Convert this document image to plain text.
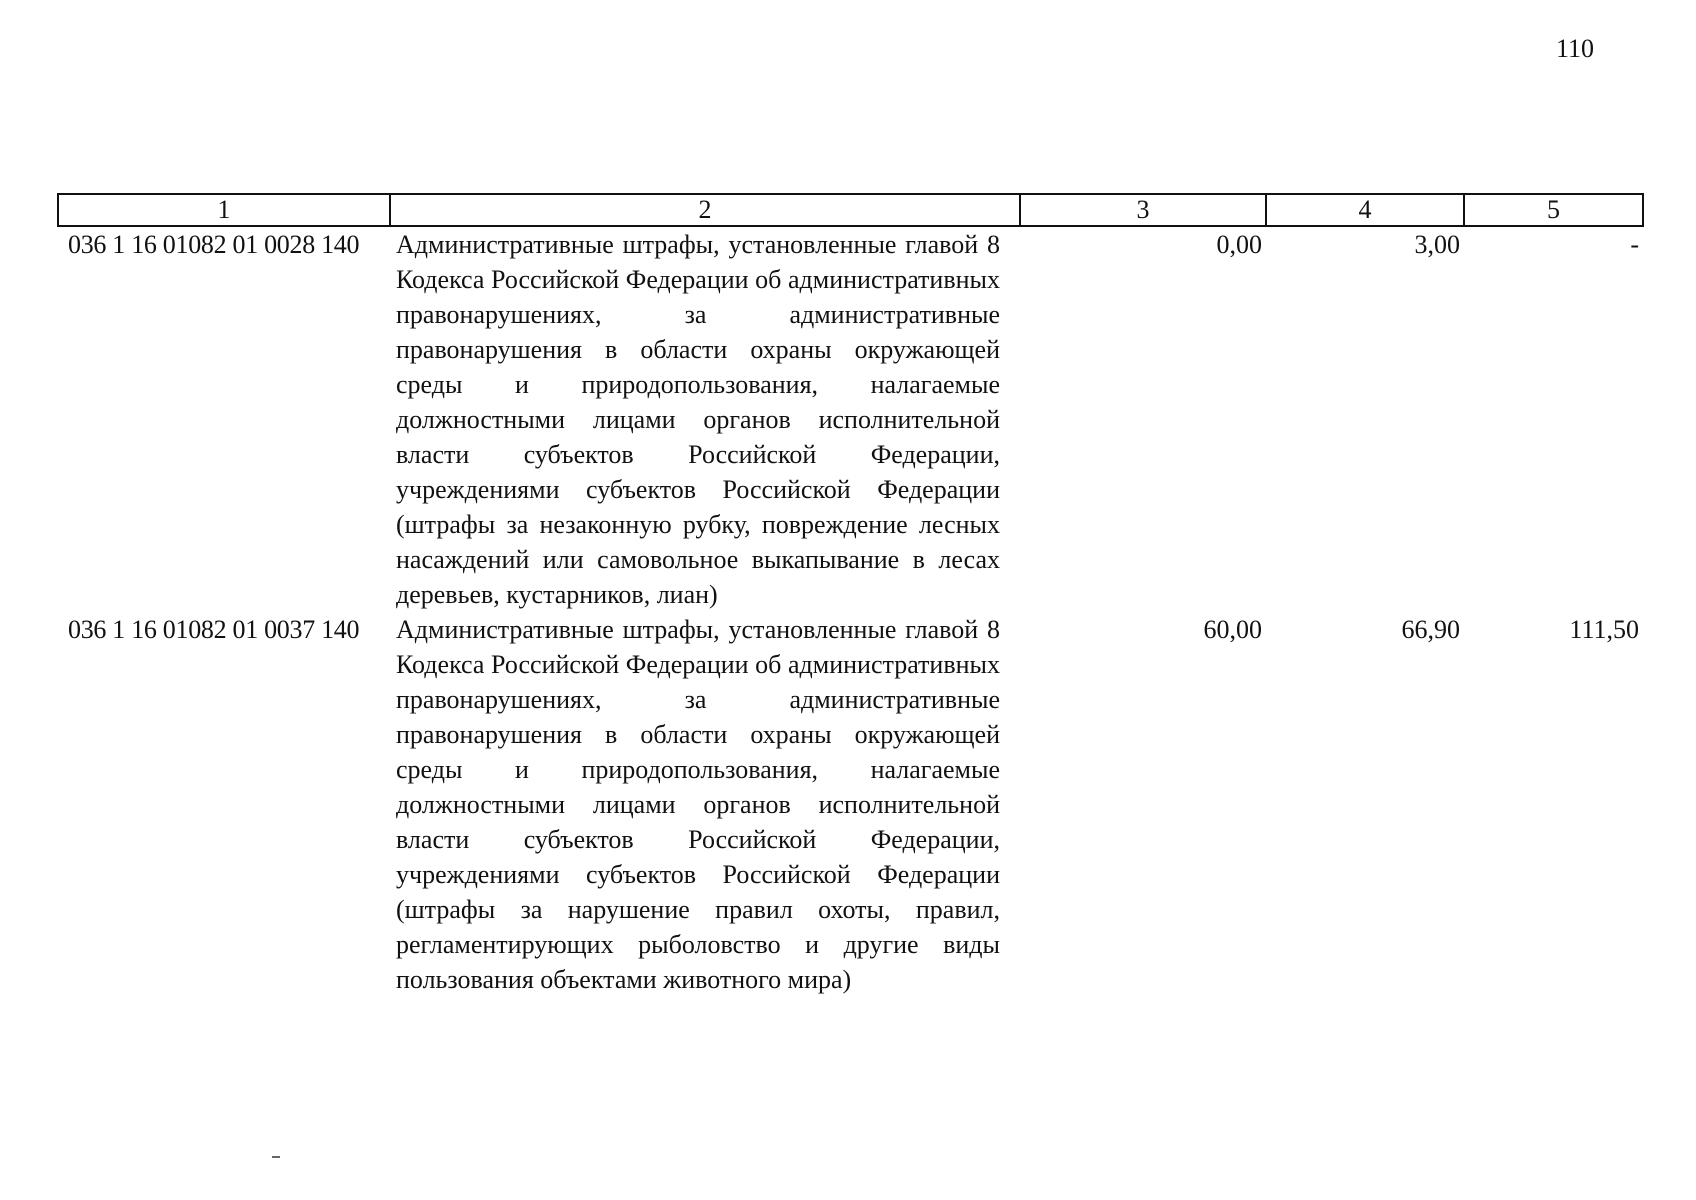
110
1	2	3	4	5
036 1 16 01082 01 0028 140	Административные штрафы, установленные главой 8 Кодекса Российской Федерации об административных правонарушениях, за административные правонарушения в области охраны окружающей среды и природопользования, налагаемые должностными лицами органов исполнительной власти субъектов Российской Федерации, учреждениями субъектов Российской Федерации (штрафы за незаконную рубку, повреждение лесных насаждений или самовольное выкапывание в лесах деревьев, кустарников, лиан)	0,00	3,00	-
036 1 16 01082 01 0037 140	Административные штрафы, установленные главой 8 Кодекса Российской Федерации об административных правонарушениях, за административные правонарушения в области охраны окружающей среды и природопользования, налагаемые должностными лицами органов исполнительной власти субъектов Российской Федерации, учреждениями субъектов Российской Федерации (штрафы за нарушение правил охоты, правил, регламентирующих рыболовство и другие виды пользования объектами животного мира)	60,00	66,90	111,50
